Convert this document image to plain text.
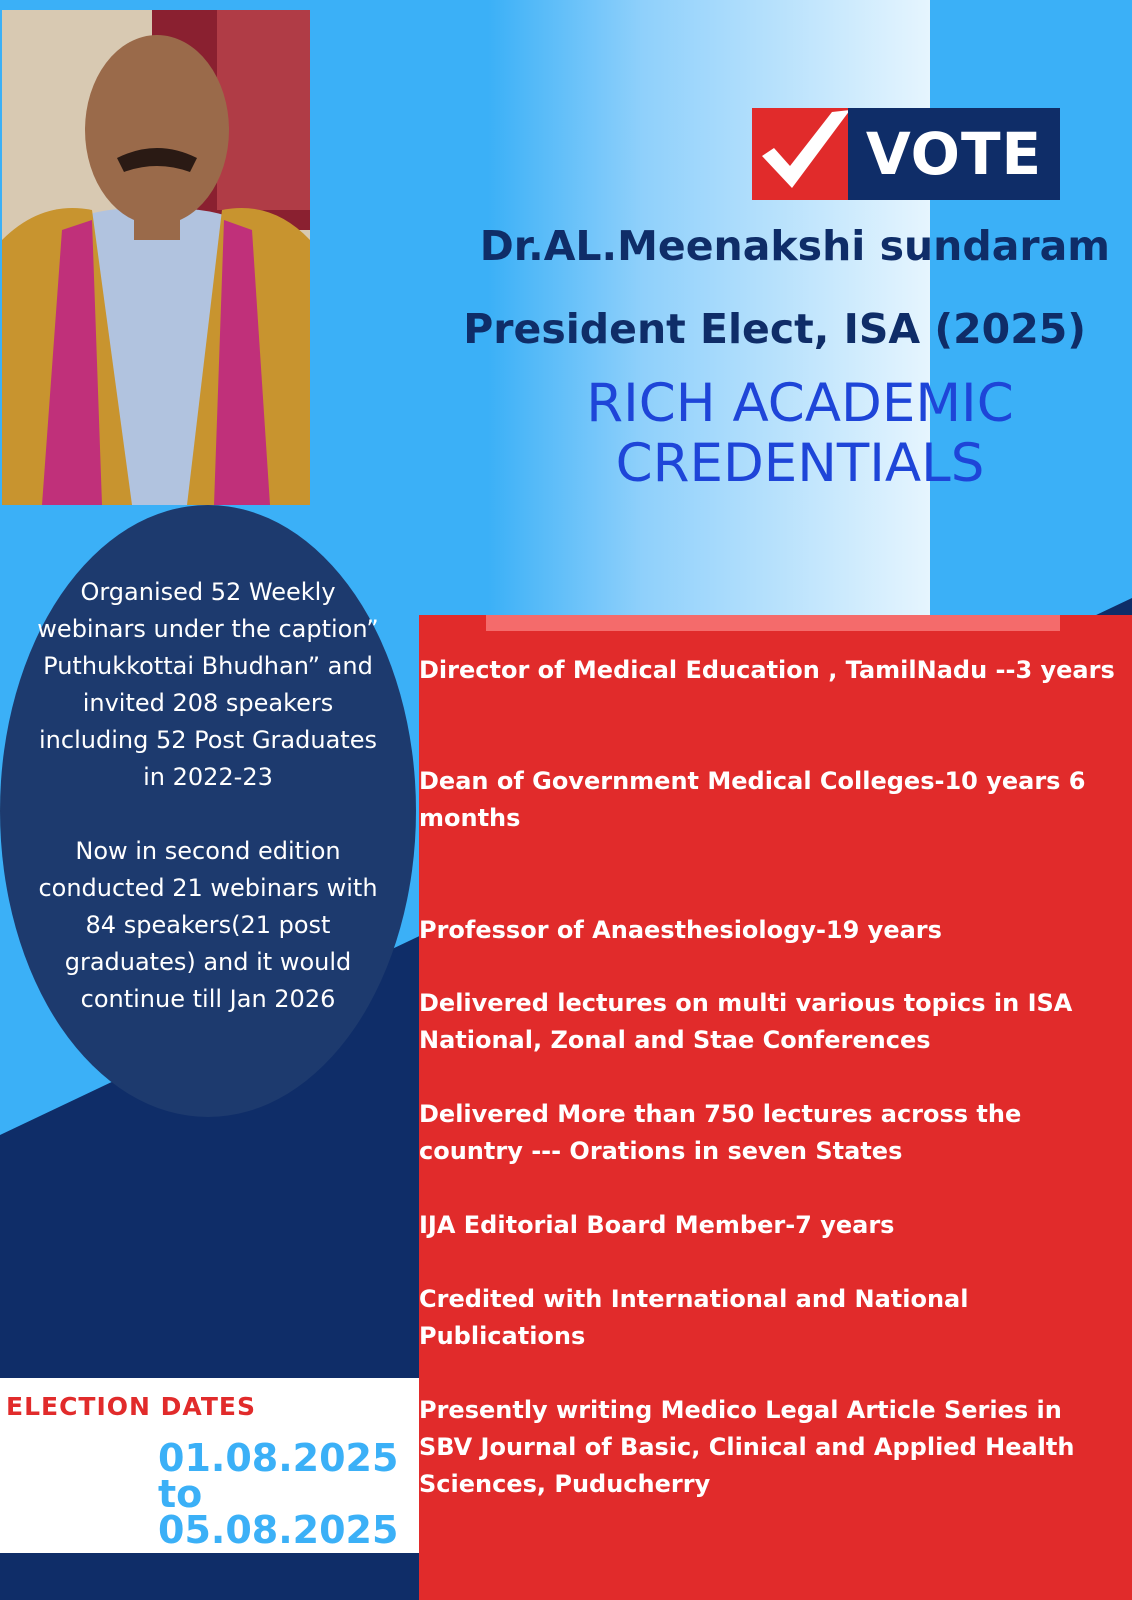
VOTE
Dr.AL.Meenakshi sundaram
President Elect, ISA (2025)
RICH ACADEMIC
CREDENTIALS

Organised 52 Weekly webinars under the caption” Puthukkottai Bhudhan” and invited 208 speakers including 52 Post Graduates in 2022-23

Now in second edition conducted 21 webinars with 84 speakers(21 post graduates) and it would continue till Jan 2026

Director of Medical Education , TamilNadu --3 years
Dean of Government Medical Colleges-10 years 6 months
Professor of Anaesthesiology-19 years
Delivered lectures on multi various topics in ISA National, Zonal and Stae Conferences
Delivered More than 750 lectures across the country --- Orations in seven States
IJA Editorial Board Member-7 years
Credited with International and National Publications
Presently writing Medico Legal Article Series in SBV Journal of Basic, Clinical and Applied Health Sciences, Puducherry
ELECTION DATES
01.08.2025
to
05.08.2025
